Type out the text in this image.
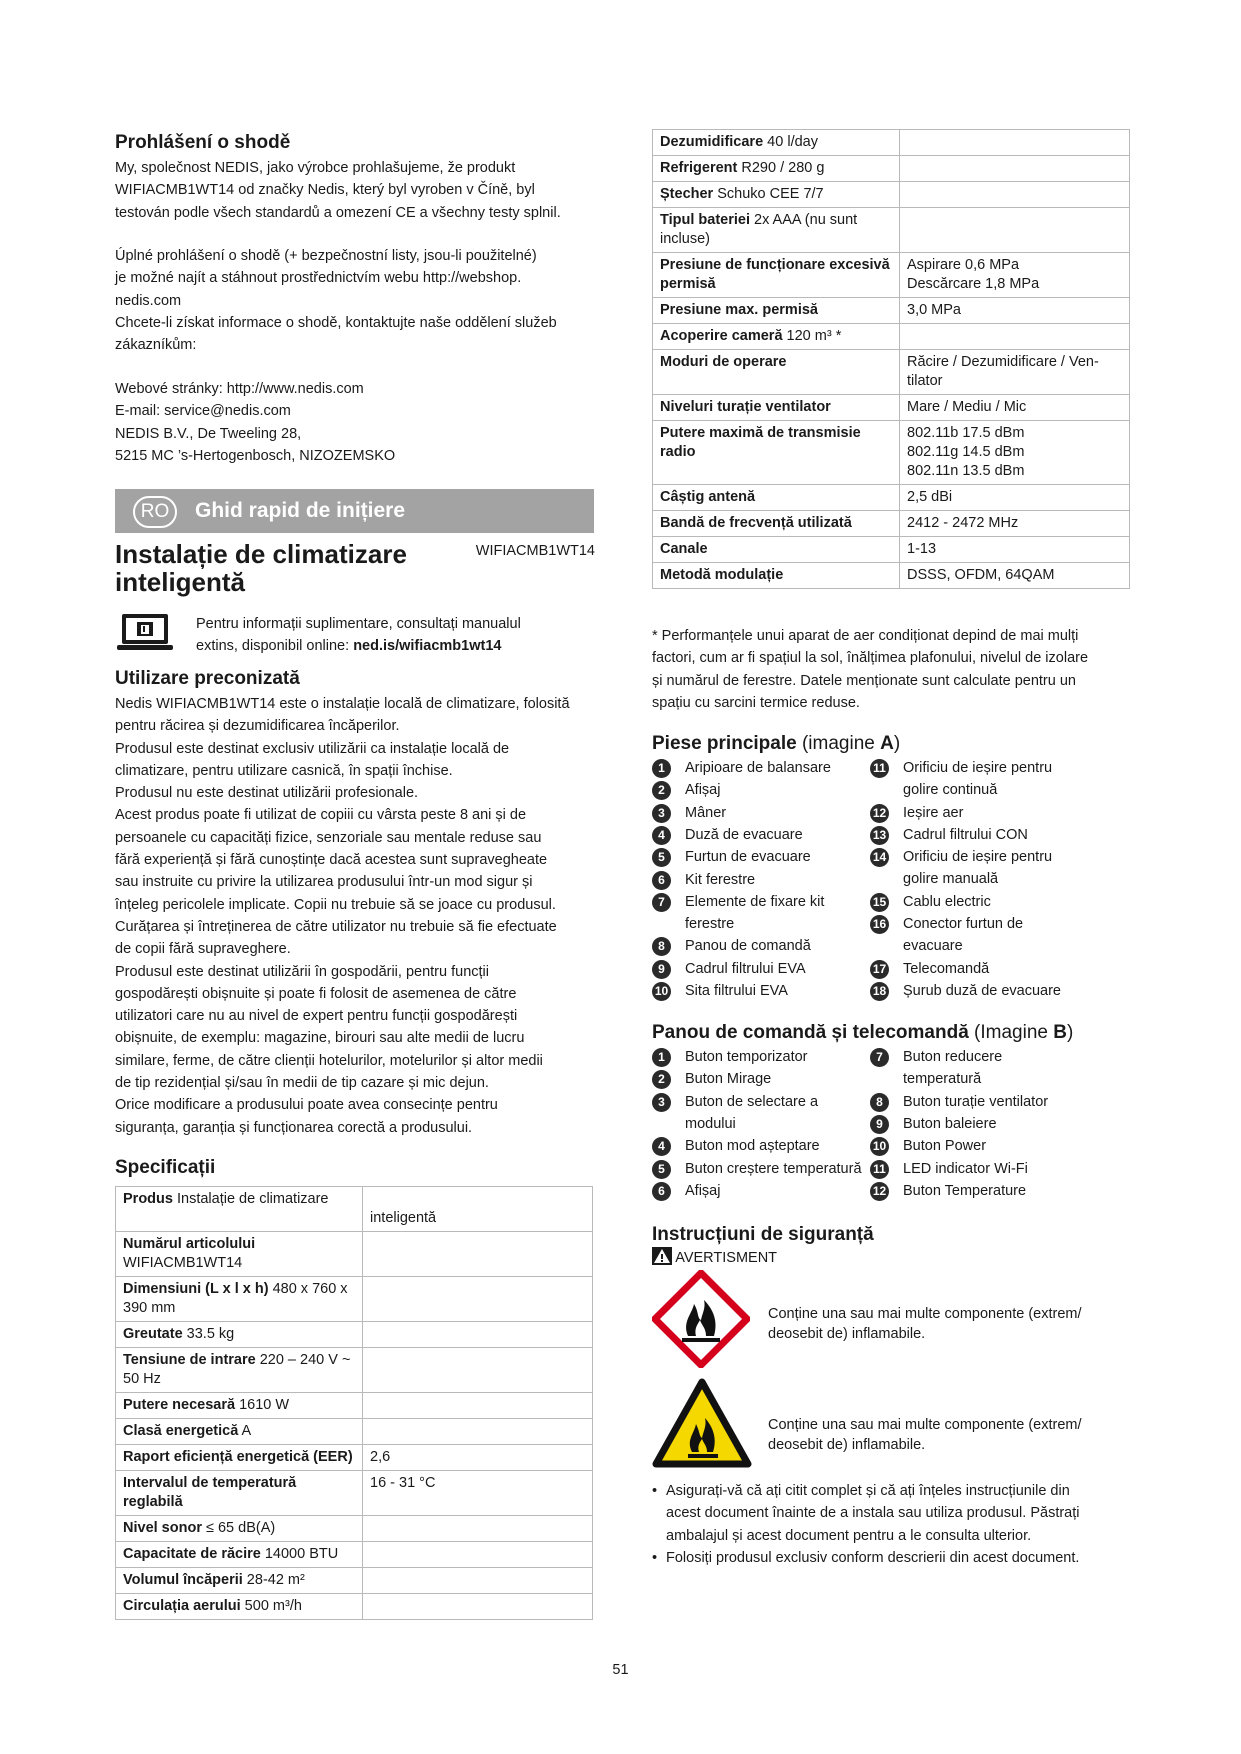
Prohlášení o shodě
My, společnost NEDIS, jako výrobce prohlašujeme, že produkt
WIFIACMB1WT14 od značky Nedis, který byl vyroben v Číně, byl
testován podle všech standardů a omezení CE a všechny testy splnil.
Úplné prohlášení o shodě (+ bezpečnostní listy, jsou-li použitelné)
je možné najít a stáhnout prostřednictvím webu http://webshop.
nedis.com
Chcete-li získat informace o shodě, kontaktujte naše oddělení služeb
zákazníkům:
Webové stránky: http://www.nedis.com
E-mail: service@nedis.com
NEDIS B.V., De Tweeling 28,
5215 MC ’s-Hertogenbosch, NIZOZEMSKO
RO	Ghid rapid de inițiere
Instalație de climatizare
inteligentă
WIFIACMB1WT14
Pentru informații suplimentare, consultați manualul
extins, disponibil online: ned.is/wifiacmb1wt14
Utilizare preconizată
Nedis WIFIACMB1WT14 este o instalație locală de climatizare, folosită
pentru răcirea și dezumidificarea încăperilor.
Produsul este destinat exclusiv utilizării ca instalație locală de
climatizare, pentru utilizare casnică, în spații închise.
Produsul nu este destinat utilizării profesionale.
Acest produs poate fi utilizat de copiii cu vârsta peste 8 ani și de
persoanele cu capacități fizice, senzoriale sau mentale reduse sau
fără experiență și fără cunoștințe dacă acestea sunt supravegheate
sau instruite cu privire la utilizarea produsului într-un mod sigur și
înțeleg pericolele implicate. Copii nu trebuie să se joace cu produsul.
Curățarea și întreținerea de către utilizator nu trebuie să fie efectuate
de copii fără supraveghere.
Produsul este destinat utilizării în gospodării, pentru funcții
gospodărești obișnuite și poate fi folosit de asemenea de către
utilizatori care nu au nivel de expert pentru funcții gospodărești
obișnuite, de exemplu: magazine, birouri sau alte medii de lucru
similare, ferme, de către clienții hotelurilor, motelurilor și altor medii
de tip rezidențial și/sau în medii de tip cazare și mic dejun.
Orice modificare a produsului poate avea consecințe pentru
siguranța, garanția și funcționarea corectă a produsului.
Specificații
Produs Instalație de climatizare	inteligentă
Numărul articolului WIFIACMB1WT14	
Dimensiuni (L x l x h) 480 x 760 x 390 mm	
Greutate 33.5 kg	
Tensiune de intrare 220 – 240 V ~ 50 Hz	
Putere necesară 1610 W	
Clasă energetică A	
Raport eficiență energetică (EER)	2,6
Intervalul de temperatură reglabilă	16 - 31 °C
Nivel sonor ≤ 65 dB(A)	
Capacitate de răcire 14000 BTU	
Volumul încăperii 28-42 m²	
Circulația aerului 500 m³/h	
Dezumidificare 40 l/day	
Refrigerent R290 / 280 g	
Ștecher Schuko CEE 7/7	
Tipul bateriei 2x AAA (nu sunt incluse)	
Presiune de funcționare excesivă permisă	Aspirare 0,6 MPa
Descărcare 1,8 MPa
Presiune max. permisă	3,0 MPa
Acoperire cameră 120 m³ *	
Moduri de operare	Răcire / Dezumidificare / Ven-
tilator
Niveluri turație ventilator	Mare / Mediu / Mic
Putere maximă de transmisie radio	802.11b 17.5 dBm
802.11g 14.5 dBm
802.11n 13.5 dBm
Câștig antenă	2,5 dBi
Bandă de frecvență utilizată	2412 - 2472 MHz
Canale	1-13
Metodă modulație	DSSS, OFDM, 64QAM
* Performanțele unui aparat de aer condiționat depind de mai mulți
factori, cum ar fi spațiul la sol, înălțimea plafonului, nivelul de izolare
și numărul de ferestre. Datele menționate sunt calculate pentru un
spațiu cu sarcini termice reduse.
Piese principale (imagine A)
1	Aripioare de balansare
2	Afișaj
3	Mâner
4	Duză de evacuare
5	Furtun de evacuare
6	Kit ferestre
7	Elemente de fixare kit
ferestre
8	Panou de comandă
9	Cadrul filtrului EVA
10 Sita filtrului EVA
11 Orificiu de ieșire pentru
golire continuă
12 Ieșire aer
13 Cadrul filtrului CON
14 Orificiu de ieșire pentru
golire manuală
15 Cablu electric
16 Conector furtun de
evacuare
17 Telecomandă
18 Șurub duză de evacuare
Panou de comandă și telecomandă (Imagine B)
1	Buton temporizator
2	Buton Mirage
3	Buton de selectare a
modului
4	Buton mod așteptare
5	Buton creștere temperatură
6	Afișaj
7	Buton reducere
temperatură
8	Buton turație ventilator
9	Buton baleiere
10 Buton Power
11 LED indicator Wi-Fi
12 Buton Temperature
Instrucțiuni de siguranță
AVERTISMENT
Conține una sau mai multe componente (extrem/
deosebit de) inflamabile.
Conține una sau mai multe componente (extrem/
deosebit de) inflamabile.
• Asigurați-vă că ați citit complet și că ați înțeles instrucțiunile din
acest document înainte de a instala sau utiliza produsul. Păstrați
ambalajul și acest document pentru a le consulta ulterior.
• Folosiți produsul exclusiv conform descrierii din acest document.
51
